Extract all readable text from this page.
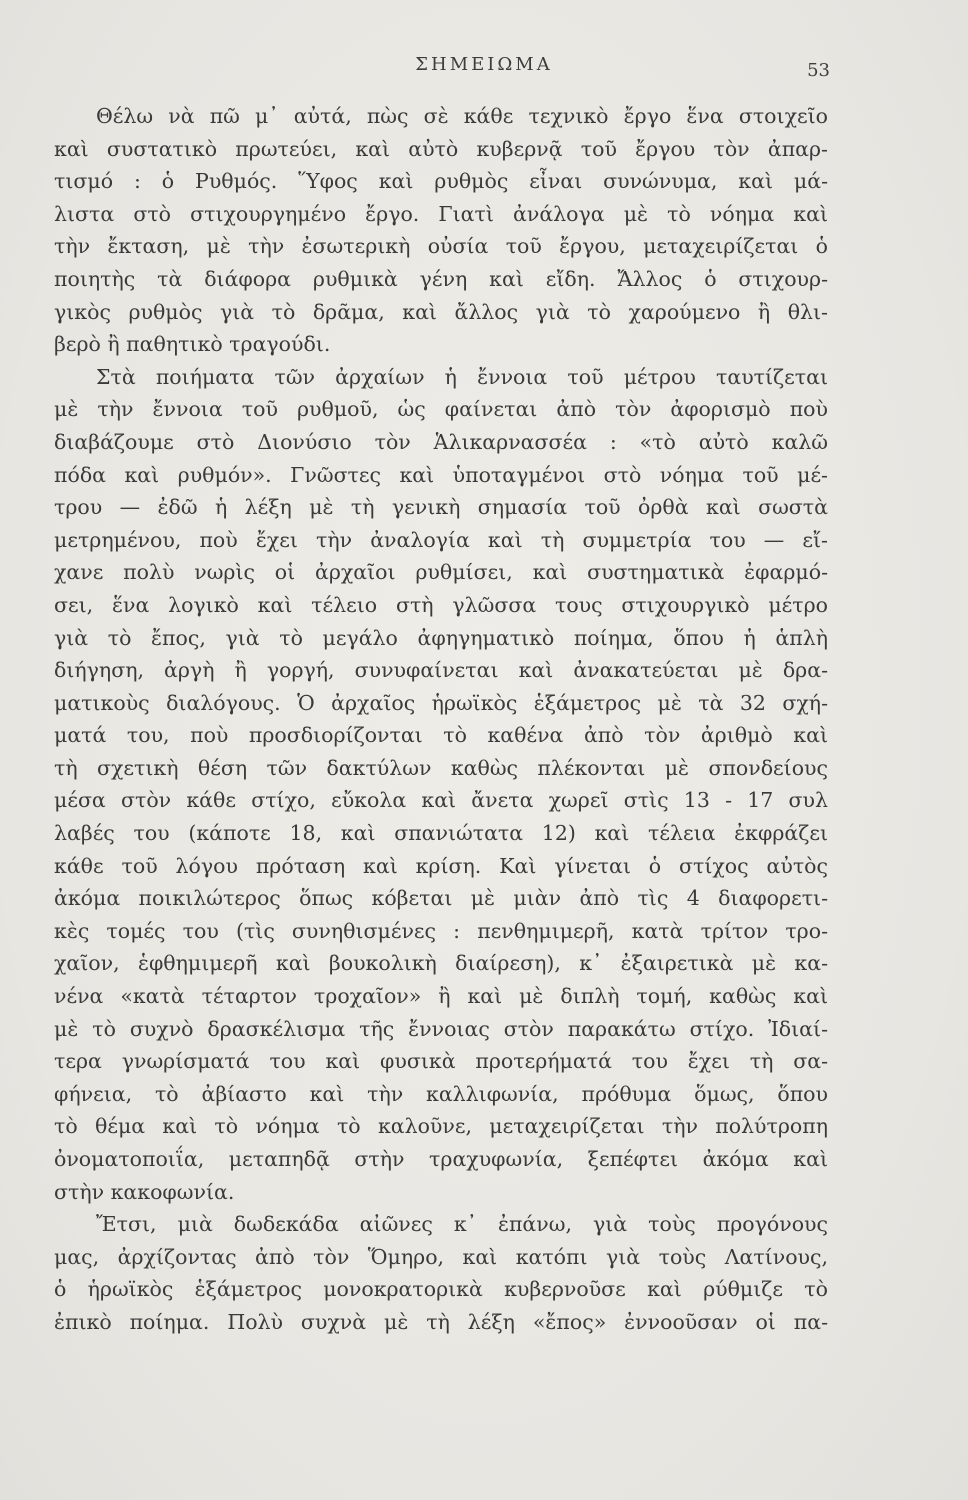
ΣΗΜΕΙΩΜΑ	53
Θέλω νὰ πῶ μ᾽ αὐτά, πὼς σὲ κάθε τεχνικὸ ἔργο ἕνα στοιχεῖο
καὶ συστατικὸ πρωτεύει, καὶ αὐτὸ κυβερνᾷ τοῦ ἔργου τὸν ἀπαρ-
τισμό : ὁ Ρυθμός. Ὕφος καὶ ρυθμὸς εἶναι συνώνυμα, καὶ μά-
λιστα στὸ στιχουργημένο ἔργο. Γιατὶ ἀνάλογα μὲ τὸ νόημα καὶ
τὴν ἔκταση, μὲ τὴν ἐσωτερικὴ οὐσία τοῦ ἔργου, μεταχειρίζεται ὁ
ποιητὴς τὰ διάφορα ρυθμικὰ γένη καὶ εἴδη. Ἄλλος ὁ στιχουρ-
γικὸς ρυθμὸς γιὰ τὸ δρᾶμα, καὶ ἄλλος γιὰ τὸ χαρούμενο ἢ θλι-
βερὸ ἢ παθητικὸ τραγούδι.
Στὰ ποιήματα τῶν ἀρχαίων ἡ ἔννοια τοῦ μέτρου ταυτίζεται
μὲ τὴν ἔννοια τοῦ ρυθμοῦ, ὡς φαίνεται ἀπὸ τὸν ἀφορισμὸ ποὺ
διαβάζουμε στὸ Διονύσιο τὸν Ἁλικαρνασσέα : «τὸ αὐτὸ καλῶ
πόδα καὶ ρυθμόν». Γνῶστες καὶ ὑποταγμένοι στὸ νόημα τοῦ μέ-
τρου — ἐδῶ ἡ λέξη μὲ τὴ γενικὴ σημασία τοῦ ὀρθὰ καὶ σωστὰ
μετρημένου, ποὺ ἔχει τὴν ἀναλογία καὶ τὴ συμμετρία του — εἴ-
χανε πολὺ νωρὶς οἱ ἀρχαῖοι ρυθμίσει, καὶ συστηματικὰ ἐφαρμό-
σει, ἕνα λογικὸ καὶ τέλειο στὴ γλῶσσα τους στιχουργικὸ μέτρο
γιὰ τὸ ἔπος, γιὰ τὸ μεγάλο ἀφηγηματικὸ ποίημα, ὅπου ἡ ἁπλὴ
διήγηση, ἀργὴ ἢ γοργή, συνυφαίνεται καὶ ἀνακατεύεται μὲ δρα-
ματικοὺς διαλόγους. Ὁ ἀρχαῖος ἡρωϊκὸς ἑξάμετρος μὲ τὰ 32 σχή-
ματά του, ποὺ προσδιορίζονται τὸ καθένα ἀπὸ τὸν ἀριθμὸ καὶ
τὴ σχετικὴ θέση τῶν δακτύλων καθὼς πλέκονται μὲ σπονδείους
μέσα στὸν κάθε στίχο, εὔκολα καὶ ἄνετα χωρεῖ στὶς 13 - 17 συλ
λαβές του (κάποτε 18, καὶ σπανιώτατα 12) καὶ τέλεια ἐκφράζει
κάθε τοῦ λόγου πρόταση καὶ κρίση. Καὶ γίνεται ὁ στίχος αὐτὸς
ἀκόμα ποικιλώτερος ὅπως κόβεται μὲ μιὰν ἀπὸ τὶς 4 διαφορετι-
κὲς τομές του (τὶς συνηθισμένες : πενθημιμερῆ, κατὰ τρίτον τρο-
χαῖον, ἑφθημιμερῆ καὶ βουκολικὴ διαίρεση), κ᾽ ἐξαιρετικὰ μὲ κα-
νένα «κατὰ τέταρτον τροχαῖον» ἢ καὶ μὲ διπλὴ τομή, καθὼς καὶ
μὲ τὸ συχνὸ δρασκέλισμα τῆς ἔννοιας στὸν παρακάτω στίχο. Ἰδιαί-
τερα γνωρίσματά του καὶ φυσικὰ προτερήματά του ἔχει τὴ σα-
φήνεια, τὸ ἀβίαστο καὶ τὴν καλλιφωνία, πρόθυμα ὅμως, ὅπου
τὸ θέμα καὶ τὸ νόημα τὸ καλοῦνε, μεταχειρίζεται τὴν πολύτροπη
ὀνοματοποιΐα, μεταπηδᾷ στὴν τραχυφωνία, ξεπέφτει ἀκόμα καὶ
στὴν κακοφωνία.
Ἔτσι, μιὰ δωδεκάδα αἰῶνες κ᾽ ἐπάνω, γιὰ τοὺς προγόνους
μας, ἀρχίζοντας ἀπὸ τὸν Ὅμηρο, καὶ κατόπι γιὰ τοὺς Λατίνους,
ὁ ἡρωϊκὸς ἑξάμετρος μονοκρατορικὰ κυβερνοῦσε καὶ ρύθμιζε τὸ
ἐπικὸ ποίημα. Πολὺ συχνὰ μὲ τὴ λέξη «ἔπος» ἐννοοῦσαν οἱ πα-
